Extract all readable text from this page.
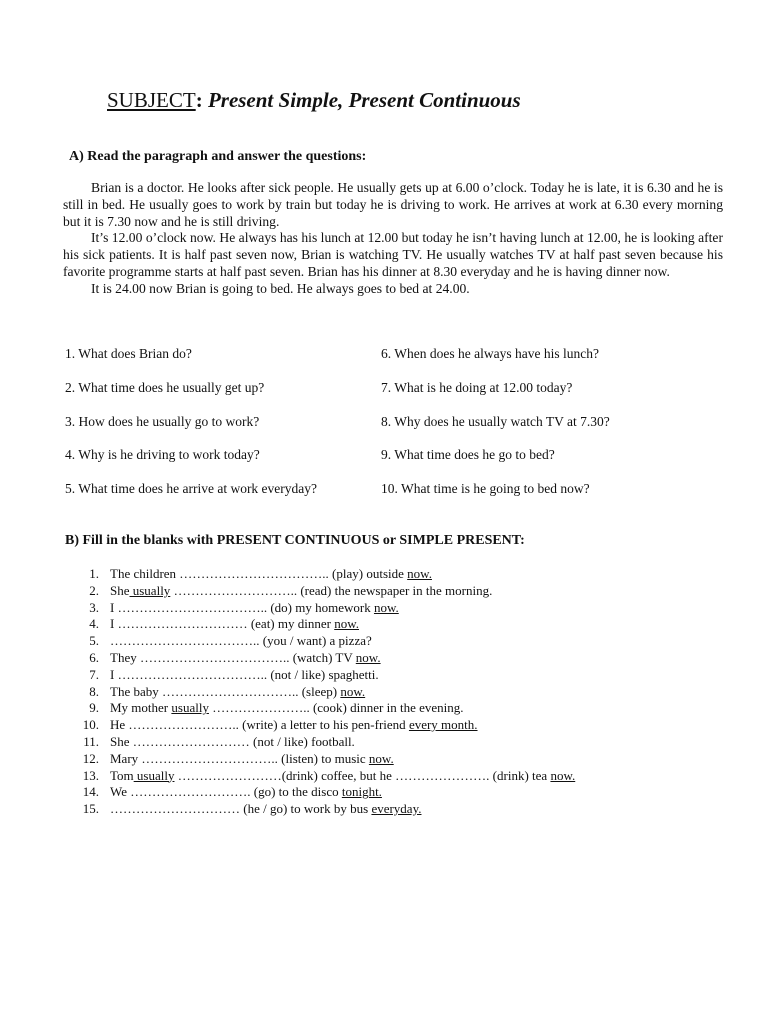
SUBJECT: Present Simple, Present Continuous
A) Read the paragraph and answer the questions:

Brian is a doctor. He looks after sick people. He usually gets up at 6.00 o’clock. Today he is late, it is 6.30 and he is still in bed. He usually goes to work by train but today he is driving to work. He arrives at work at 6.30 every morning but it is 7.30 now and he is still driving.

It’s 12.00 o’clock now. He always has his lunch at 12.00 but today he isn’t having lunch at 12.00, he is looking after his sick patients. It is half past seven now, Brian is watching TV. He usually watches TV at half past seven because his favorite programme starts at half past seven. Brian has his dinner at 8.30 everyday and he is having dinner now.

It is 24.00 now Brian is going to bed. He always goes to bed at 24.00.

1. What does Brian do?	6. When does he always have his lunch?
2. What time does he usually get up?	7. What is he doing at 12.00 today?
3. How does he usually go to work?	8. Why does he usually watch TV at 7.30?
4. Why is he driving to work today?	9. What time does he go to bed?
5. What time does he arrive at work everyday?	10. What time is he going to bed now?
B) Fill in the blanks with PRESENT CONTINUOUS or SIMPLE PRESENT:
1. The children …………………………….. (play) outside now.
2. She usually ……………………….. (read) the newspaper in the morning.
3. I …………………………….. (do) my homework now.
4. I ………………………… (eat) my dinner now.
5. …………………………….. (you / want) a pizza?
6. They …………………………….. (watch) TV now.
7. I …………………………….. (not / like) spaghetti.
8. The baby ………………………….. (sleep) now.
9. My mother usually ………………….. (cook) dinner in the evening.
10. He …………………….. (write) a letter to his pen-friend every month.
11. She ……………………… (not / like) football.
12. Mary ………………………….. (listen) to music now.
13. Tom usually ……………………(drink) coffee, but he …………………. (drink) tea now.
14. We ………………………. (go) to the disco tonight.
15. ………………………… (he / go) to work by bus everyday.
